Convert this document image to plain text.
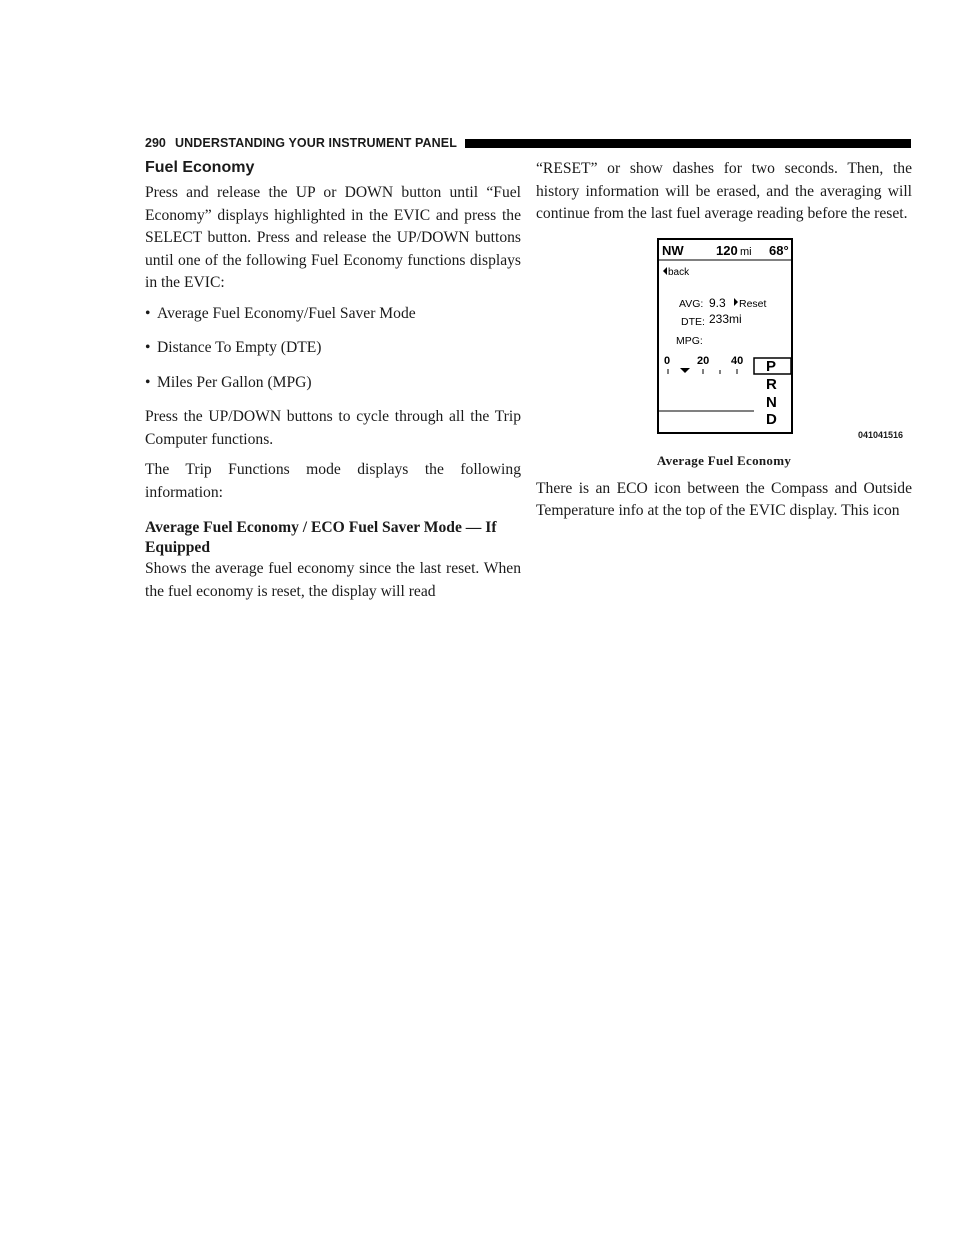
290 UNDERSTANDING YOUR INSTRUMENT PANEL
Fuel Economy

Press and release the UP or DOWN button until “Fuel Economy” displays highlighted in the EVIC and press the SELECT button. Press and release the UP/DOWN buttons until one of the following Fuel Economy functions displays in the EVIC:

• Average Fuel Economy/Fuel Saver Mode
• Distance To Empty (DTE)
• Miles Per Gallon (MPG)

Press the UP/DOWN buttons to cycle through all the Trip Computer functions.

The Trip Functions mode displays the following information:

Average Fuel Economy / ECO Fuel Saver Mode — If Equipped

Shows the average fuel economy since the last reset. When the fuel economy is reset, the display will read

“RESET” or show dashes for two seconds. Then, the history information will be erased, and the averaging will continue from the last fuel average reading before the reset.

NW 120 mi 68°
back
AVG: 9.3 Reset
DTE: 233mi
MPG:
0 20 40 P
R
N
D
041041516
Average Fuel Economy

There is an ECO icon between the Compass and Outside Temperature info at the top of the EVIC display. This icon
